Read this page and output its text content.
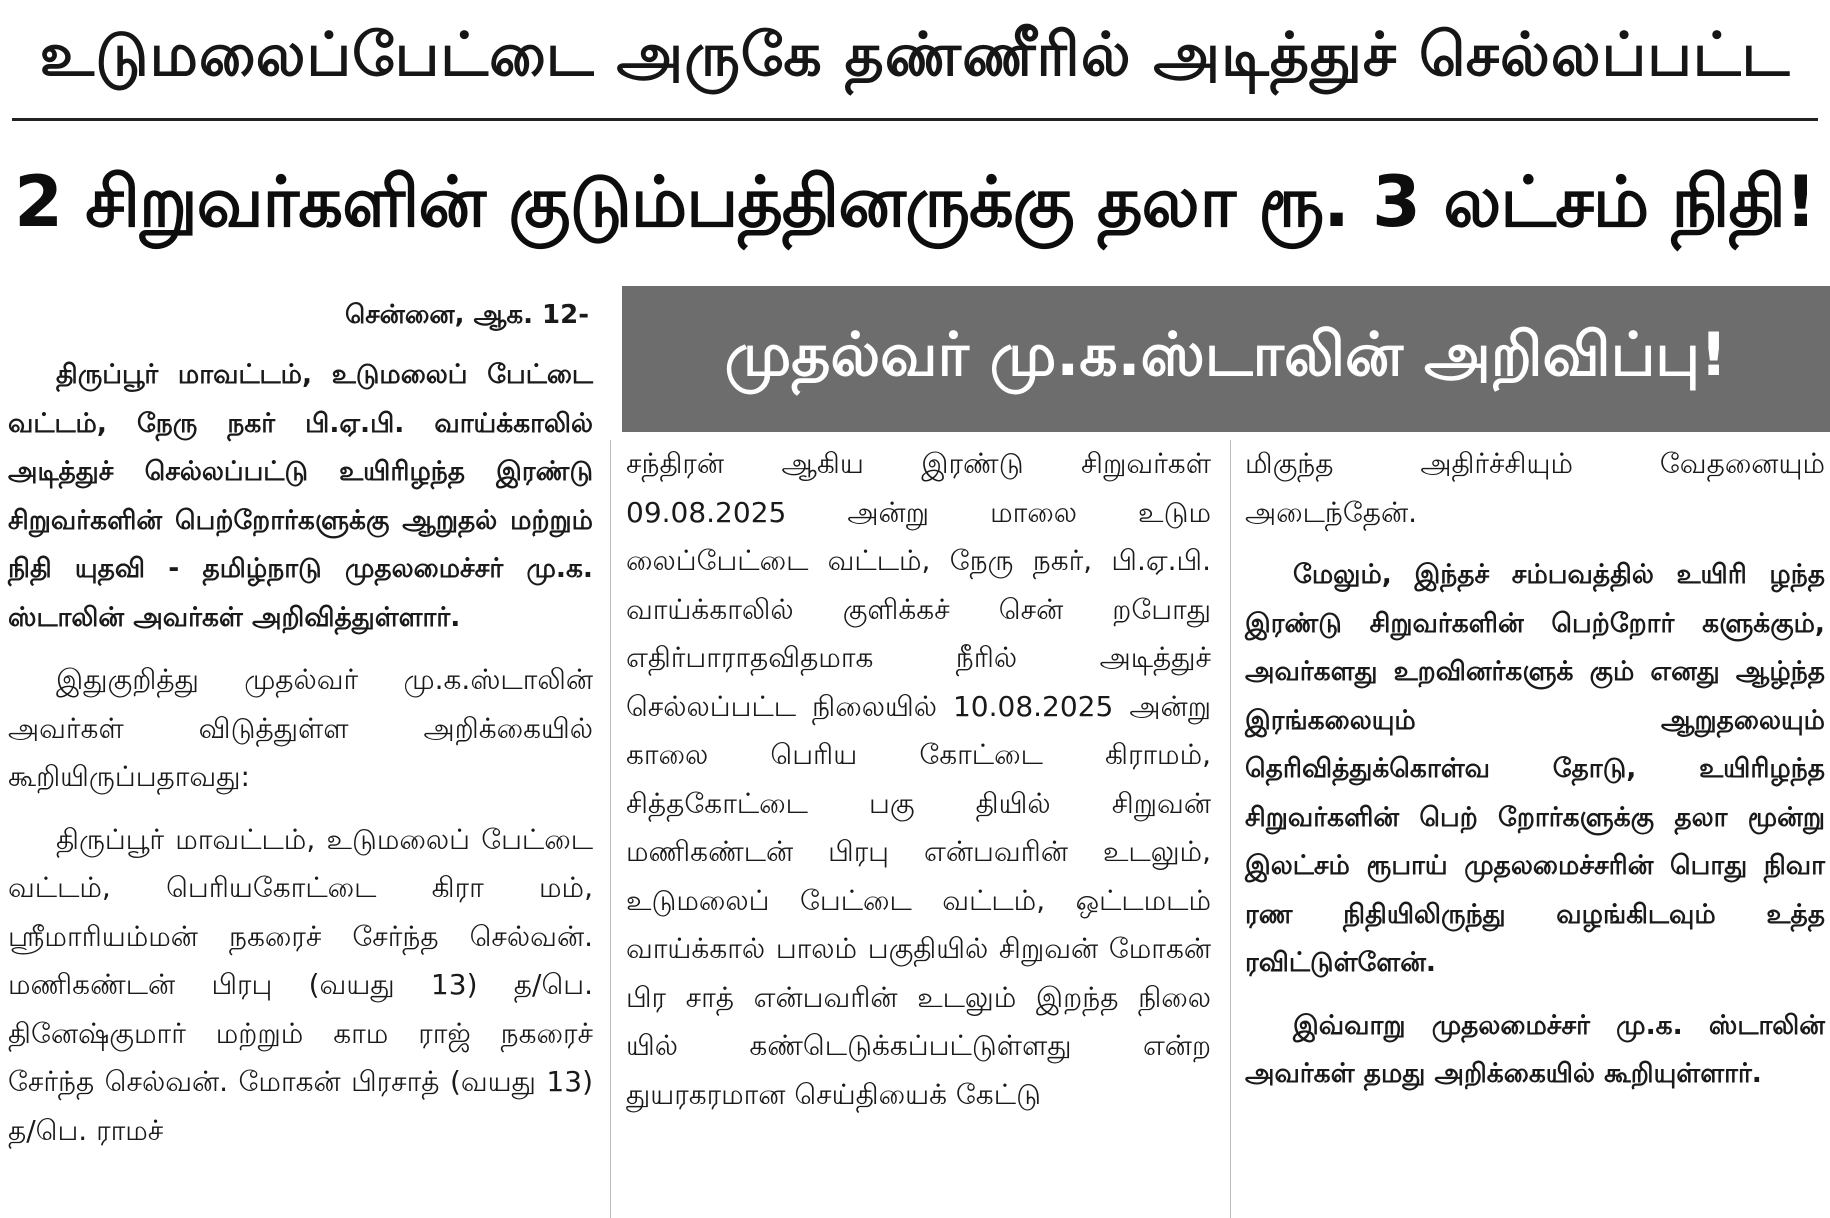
உடுமலைப்பேட்டை அருகே தண்ணீரில் அடித்துச் செல்லப்பட்ட
2 சிறுவர்களின் குடும்பத்தினருக்கு தலா ரூ. 3 லட்சம் நிதி!
முதல்வர் மு.க.ஸ்டாலின் அறிவிப்பு!
சென்னை, ஆக. 12-

திருப்பூர் மாவட்டம், உடுமலைப் பேட்டை வட்டம், நேரு நகர் பி.ஏ.பி. வாய்க்காலில் அடித்துச் செல்லப்பட்டு உயிரிழந்த இரண்டு சிறுவர்களின் பெற்றோர்களுக்கு ஆறுதல் மற்றும் நிதி யுதவி - தமிழ்நாடு முதலமைச்சர் மு.க. ஸ்டாலின் அவர்கள் அறிவித்துள்ளார்.

இதுகுறித்து முதல்வர் மு.க.ஸ்டாலின் அவர்கள் விடுத்துள்ள அறிக்கையில் கூறியிருப்பதாவது:

திருப்பூர் மாவட்டம், உடுமலைப் பேட்டை வட்டம், பெரியகோட்டை கிரா மம், ஸ்ரீமாரியம்மன் நகரைச் சேர்ந்த செல்வன். மணிகண்டன் பிரபு (வயது 13) த/பெ. தினேஷ்குமார் மற்றும் காம ராஜ் நகரைச் சேர்ந்த செல்வன். மோகன் பிரசாத் (வயது 13) த/பெ. ராமச்

சந்திரன் ஆகிய இரண்டு சிறுவர்கள் 09.08.2025 அன்று மாலை உடும லைப்பேட்டை வட்டம், நேரு நகர், பி.ஏ.பி. வாய்க்காலில் குளிக்கச் சென் றபோது எதிர்பாராதவிதமாக நீரில் அடித்துச் செல்லப்பட்ட நிலையில் 10.08.2025 அன்று காலை பெரிய கோட்டை கிராமம், சித்தகோட்டை பகு தியில் சிறுவன் மணிகண்டன் பிரபு என்பவரின் உடலும், உடுமலைப் பேட்டை வட்டம், ஒட்டமடம் வாய்க்கால் பாலம் பகுதியில் சிறுவன் மோகன் பிர சாத் என்பவரின் உடலும் இறந்த நிலை யில் கண்டெடுக்கப்பட்டுள்ளது என்ற துயரகரமான செய்தியைக் கேட்டு

மிகுந்த அதிர்ச்சியும் வேதனையும் அடைந்தேன்.

மேலும், இந்தச் சம்பவத்தில் உயிரி ழந்த இரண்டு சிறுவர்களின் பெற்றோர் களுக்கும், அவர்களது உறவினர்களுக் கும் எனது ஆழ்ந்த இரங்கலையும் ஆறுதலையும் தெரிவித்துக்கொள்வ தோடு, உயிரிழந்த சிறுவர்களின் பெற் றோர்களுக்கு தலா மூன்று இலட்சம் ரூபாய் முதலமைச்சரின் பொது நிவா ரண நிதியிலிருந்து வழங்கிடவும் உத்த ரவிட்டுள்ளேன்.

இவ்வாறு முதலமைச்சர் மு.க. ஸ்டாலின் அவர்கள் தமது அறிக்கையில் கூறியுள்ளார்.
